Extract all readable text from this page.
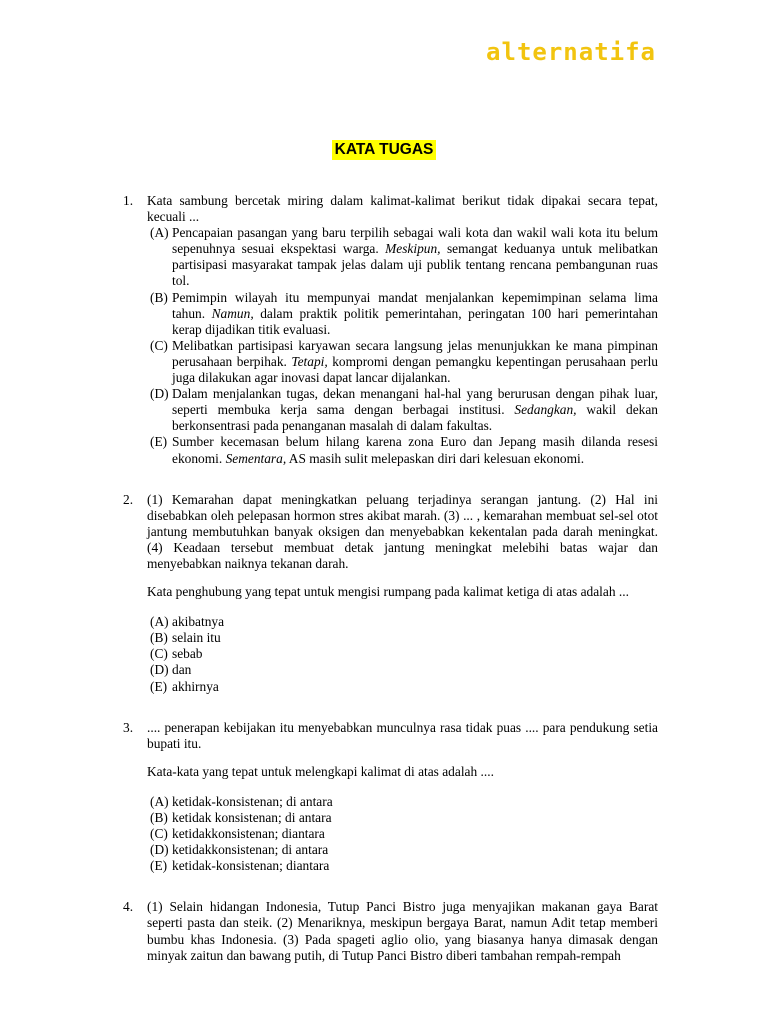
alternatifa
KATA TUGAS
1. Kata sambung bercetak miring dalam kalimat-kalimat berikut tidak dipakai secara tepat, kecuali ...

(A) Pencapaian pasangan yang baru terpilih sebagai wali kota dan wakil wali kota itu belum sepenuhnya sesuai ekspektasi warga. Meskipun, semangat keduanya untuk melibatkan partisipasi masyarakat tampak jelas dalam uji publik tentang rencana pembangunan ruas tol.
(B) Pemimpin wilayah itu mempunyai mandat menjalankan kepemimpinan selama lima tahun. Namun, dalam praktik politik pemerintahan, peringatan 100 hari pemerintahan kerap dijadikan titik evaluasi.
(C) Melibatkan partisipasi karyawan secara langsung jelas menunjukkan ke mana pimpinan perusahaan berpihak. Tetapi, kompromi dengan pemangku kepentingan perusahaan perlu juga dilakukan agar inovasi dapat lancar dijalankan.
(D) Dalam menjalankan tugas, dekan menangani hal-hal yang berurusan dengan pihak luar, seperti membuka kerja sama dengan berbagai institusi. Sedangkan, wakil dekan berkonsentrasi pada penanganan masalah di dalam fakultas.
(E) Sumber kecemasan belum hilang karena zona Euro dan Jepang masih dilanda resesi ekonomi. Sementara, AS masih sulit melepaskan diri dari kelesuan ekonomi.
2. (1) Kemarahan dapat meningkatkan peluang terjadinya serangan jantung. (2) Hal ini disebabkan oleh pelepasan hormon stres akibat marah. (3) ... , kemarahan membuat sel-sel otot jantung membutuhkan banyak oksigen dan menyebabkan kekentalan pada darah meningkat. (4) Keadaan tersebut membuat detak jantung meningkat melebihi batas wajar dan menyebabkan naiknya tekanan darah.

Kata penghubung yang tepat untuk mengisi rumpang pada kalimat ketiga di atas adalah ...

(A) akibatnya
(B) selain itu
(C) sebab
(D) dan
(E) akhirnya
3. .... penerapan kebijakan itu menyebabkan munculnya rasa tidak puas .... para pendukung setia bupati itu.

Kata-kata yang tepat untuk melengkapi kalimat di atas adalah ....

(A) ketidak-konsistenan; di antara
(B) ketidak konsistenan; di antara
(C) ketidakkonsistenan; diantara
(D) ketidakkonsistenan; di antara
(E) ketidak-konsistenan; diantara
4. (1) Selain hidangan Indonesia, Tutup Panci Bistro juga menyajikan makanan gaya Barat seperti pasta dan steik. (2) Menariknya, meskipun bergaya Barat, namun Adit tetap memberi bumbu khas Indonesia. (3) Pada spageti aglio olio, yang biasanya hanya dimasak dengan minyak zaitun dan bawang putih, di Tutup Panci Bistro diberi tambahan rempah-rempah
